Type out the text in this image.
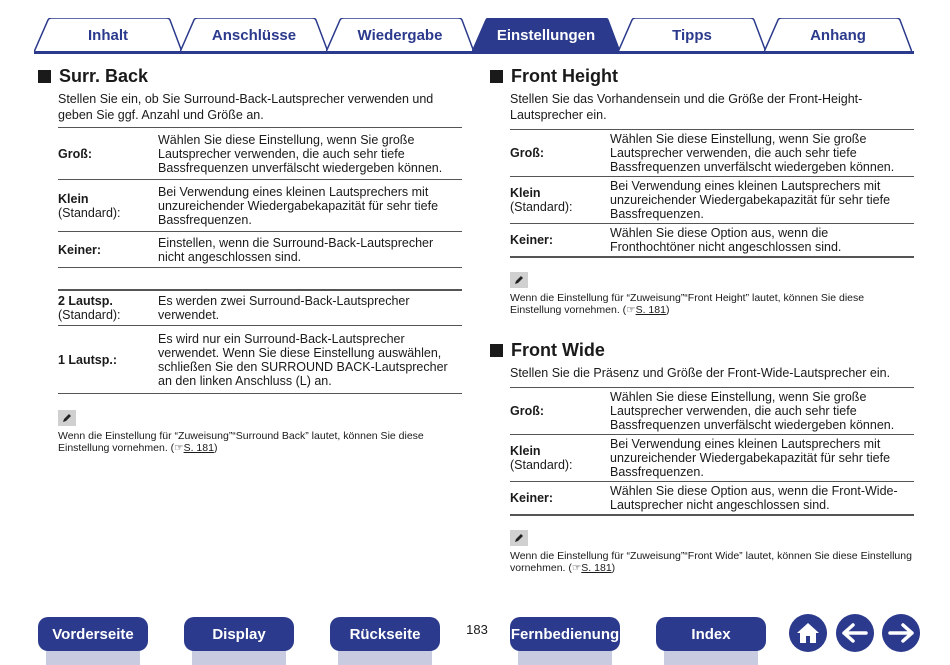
Inhalt	Anschlüsse	Wiedergabe	Einstellungen	Tipps	Anhang
Surr. Back
Stellen Sie ein, ob Sie Surround-Back-Lautsprecher verwenden und geben Sie ggf. Anzahl und Größe an.
Groß:	Wählen Sie diese Einstellung, wenn Sie große Lautsprecher verwenden, die auch sehr tiefe Bassfrequenzen unverfälscht wiedergeben können.
Klein
(Standard):	Bei Verwendung eines kleinen Lautsprechers mit unzureichender Wiedergabekapazität für sehr tiefe Bassfrequenzen.
Keiner:	Einstellen, wenn die Surround-Back-Lautsprecher nicht angeschlossen sind.

2 Lautsp.
(Standard):	Es werden zwei Surround-Back-Lautsprecher verwendet.
1 Lautsp.:	Es wird nur ein Surround-Back-Lautsprecher verwendet. Wenn Sie diese Einstellung auswählen, schließen Sie den SURROUND BACK-Lautsprecher an den linken Anschluss (L) an.
Wenn die Einstellung für “Zuweisung”“Surround Back” lautet, können Sie diese Einstellung vornehmen. (☞S. 181)
Front Height
Stellen Sie das Vorhandensein und die Größe der Front-Height-Lautsprecher ein.
Groß:	Wählen Sie diese Einstellung, wenn Sie große Lautsprecher verwenden, die auch sehr tiefe Bassfrequenzen unverfälscht wiedergeben können.
Klein
(Standard):	Bei Verwendung eines kleinen Lautsprechers mit unzureichender Wiedergabekapazität für sehr tiefe Bassfrequenzen.
Keiner:	Wählen Sie diese Option aus, wenn die Fronthochtöner nicht angeschlossen sind.
Wenn die Einstellung für “Zuweisung”“Front Height” lautet, können Sie diese Einstellung vornehmen. (☞S. 181)
Front Wide
Stellen Sie die Präsenz und Größe der Front-Wide-Lautsprecher ein.
Groß:	Wählen Sie diese Einstellung, wenn Sie große Lautsprecher verwenden, die auch sehr tiefe Bassfrequenzen unverfälscht wiedergeben können.
Klein
(Standard):	Bei Verwendung eines kleinen Lautsprechers mit unzureichender Wiedergabekapazität für sehr tiefe Bassfrequenzen.
Keiner:	Wählen Sie diese Option aus, wenn die Front-Wide-Lautsprecher nicht angeschlossen sind.
Wenn die Einstellung für “Zuweisung”“Front Wide” lautet, können Sie diese Einstellung vornehmen. (☞S. 181)
Vorderseite	Display	Rückseite	183 Fernbedienung	Index
